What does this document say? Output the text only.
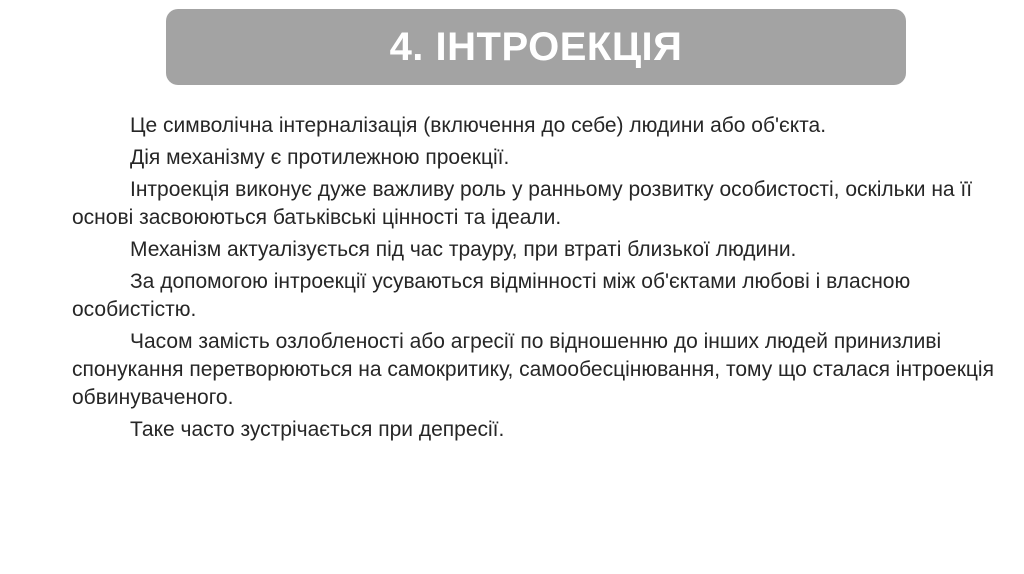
4. ІНТРОЕКЦІЯ

Це символічна інтерналізація (включення до себе) людини або об'єкта.

Дія механізму є протилежною проекції.

Інтроекція виконує дуже важливу роль у ранньому розвитку особистості, оскільки на її основі засвоюються батьківські цінності та ідеали.

Механізм актуалізується під час трауру, при втраті близької людини.

За допомогою інтроекції усуваються відмінності між об'єктами любові і власною особистістю.

Часом замість озлобленості або агресії по відношенню до інших людей принизливі спонукання перетворюються на самокритику, самообесцінювання, тому що сталася інтроекція обвинуваченого.

Таке часто зустрічається при депресії.
